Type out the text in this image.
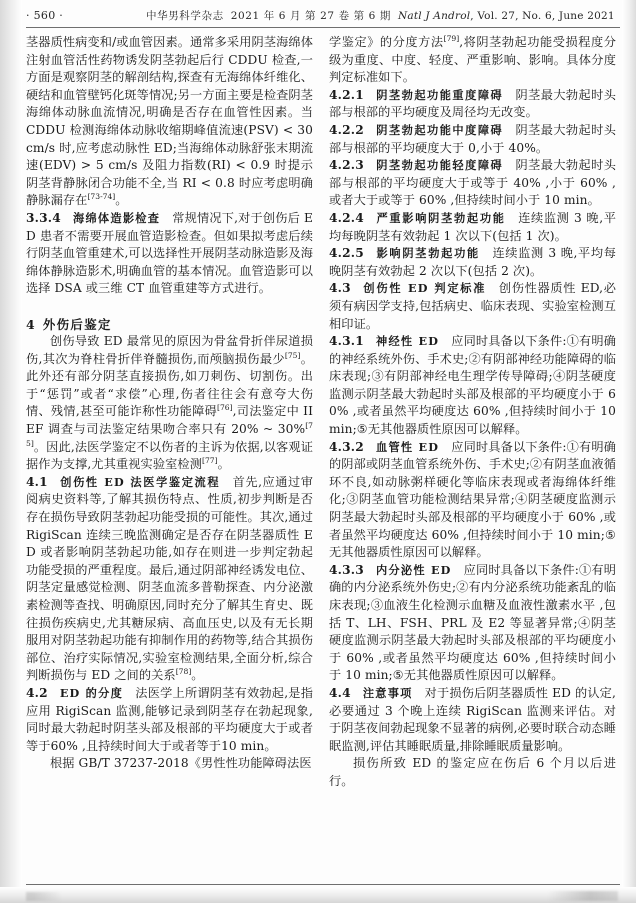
· 560 ·	中华男科学杂志 2021 年 6 月 第 27 卷 第 6 期 Natl J Androl, Vol. 27, No. 6, June 2021

茎器质性病变和/或血管因素。通常多采用阴茎海绵体注射血管活性药物诱发阴茎勃起后行 CDDU 检查,一方面是观察阴茎的解剖结构,探查有无海绵体纤维化、硬结和血管壁钙化斑等情况;另一方面主要是检查阴茎海绵体动脉血流情况,明确是否存在血管性因素。当 CDDU 检测海绵体动脉收缩期峰值流速(PSV) < 30 cm/s 时,应考虑动脉性 ED;当海绵体动脉舒张末期流速(EDV) > 5 cm/s 及阻力指数(RI) < 0.9 时提示阴茎背静脉闭合功能不全,当 RI < 0.8 时应考虑明确静脉漏存在[73-74]。

3.3.4 海绵体造影检查 常规情况下,对于创伤后 ED 患者不需要开展血管造影检查。但如果拟考虑后续行阴茎血管重建术,可以选择性开展阴茎动脉造影及海绵体静脉造影术,明确血管的基本情况。血管造影可以选择 DSA 或三维 CT 血管重建等方式进行。

4 外伤后鉴定

创伤导致 ED 最常见的原因为骨盆骨折伴尿道损伤,其次为脊柱骨折伴脊髓损伤,而颅脑损伤最少[75]。此外还有部分阴茎直接损伤,如刀刺伤、切割伤。出于“惩罚”或者“求偿”心理,伤者往往会有意夸大伤情、残情,甚至可能诈称性功能障碍[76],司法鉴定中 IIEF 调查与司法鉴定结果吻合率只有 20% ~ 30%[75]。因此,法医学鉴定不以伤者的主诉为依据,以客观证据作为支撑,尤其重视实验室检测[77]。

4.1 创伤性 ED 法医学鉴定流程 首先,应通过审阅病史资料等,了解其损伤特点、性质,初步判断是否存在损伤导致阴茎勃起功能受损的可能性。其次,通过 RigiScan 连续三晚监测确定是否存在阴茎器质性 ED 或者影响阴茎勃起功能,如存在则进一步判定勃起功能受损的严重程度。最后,通过阴部神经诱发电位、阴茎定量感觉检测、阴茎血流多普勒探查、内分泌激素检测等查找、明确原因,同时充分了解其生育史、既往损伤疾病史,尤其糖尿病、高血压史,以及有无长期服用对阴茎勃起功能有抑制作用的药物等,结合其损伤部位、治疗实际情况,实验室检测结果,全面分析,综合判断损伤与 ED 之间的关系[78]。

4.2 ED 的分度 法医学上所谓阴茎有效勃起,是指应用 RigiScan 监测,能够记录到阴茎存在勃起现象,同时最大勃起时阴茎头部及根部的平均硬度大于或者等于60% ,且持续时间大于或者等于10 min。

根据 GB/T 37237-2018《男性性功能障碍法医

学鉴定》的分度方法[79],将阴茎勃起功能受损程度分级为重度、中度、轻度、严重影响、影响。具体分度判定标准如下。

4.2.1 阴茎勃起功能重度障碍 阴茎最大勃起时头部与根部的平均硬度及周径均无改变。

4.2.2 阴茎勃起功能中度障碍 阴茎最大勃起时头部与根部的平均硬度大于 0,小于 40%。

4.2.3 阴茎勃起功能轻度障碍 阴茎最大勃起时头部与根部的平均硬度大于或等于 40% ,小于 60% ,或者大于或等于 60% ,但持续时间小于 10 min。

4.2.4 严重影响阴茎勃起功能 连续监测 3 晚,平均每晚阴茎有效勃起 1 次以下(包括 1 次)。

4.2.5 影响阴茎勃起功能 连续监测 3 晚,平均每晚阴茎有效勃起 2 次以下(包括 2 次)。

4.3 创伤性 ED 判定标准 创伤性器质性 ED,必须有病因学支持,包括病史、临床表现、实验室检测互相印证。

4.3.1 神经性 ED 应同时具备以下条件:①有明确的神经系统外伤、手术史;②有阴部神经功能障碍的临床表现;③有阴部神经电生理学传导障碍;④阴茎硬度监测示阴茎最大勃起时头部及根部的平均硬度小于 60% ,或者虽然平均硬度达 60% ,但持续时间小于 10 min;⑤无其他器质性原因可以解释。

4.3.2 血管性 ED 应同时具备以下条件:①有明确的阴部或阴茎血管系统外伤、手术史;②有阴茎血液循环不良,如动脉粥样硬化等临床表现或者海绵体纤维化;③阴茎血管功能检测结果异常;④阴茎硬度监测示阴茎最大勃起时头部及根部的平均硬度小于 60% ,或者虽然平均硬度达 60% ,但持续时间小于 10 min;⑤无其他器质性原因可以解释。

4.3.3 内分泌性 ED 应同时具备以下条件:①有明确的内分泌系统外伤史;②有内分泌系统功能紊乱的临床表现;③血液生化检测示血糖及血液性激素水平 ,包括 T、LH、FSH、PRL 及 E2 等显著异常;④阴茎硬度监测示阴茎最大勃起时头部及根部的平均硬度小于 60% ,或者虽然平均硬度达 60% ,但持续时间小于 10 min;⑤无其他器质性原因可以解释。

4.4 注意事项 对于损伤后阴茎器质性 ED 的认定,必要通过 3 个晚上连续 RigiScan 监测来评估。对于阴茎夜间勃起现象不显著的病例,必要时联合动态睡眠监测,评估其睡眠质量,排除睡眠质量影响。

损伤所致 ED 的鉴定应在伤后 6 个月以后进行。
